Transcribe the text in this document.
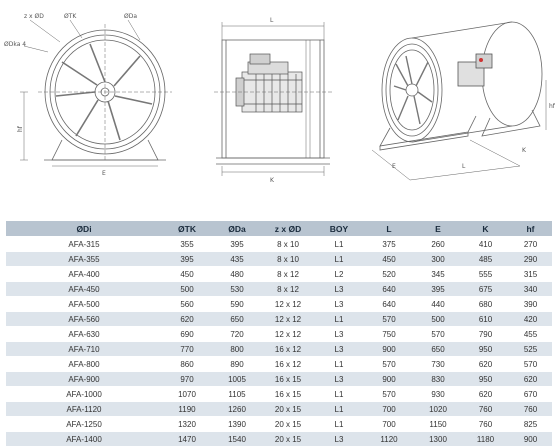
z x ØD	ØTK	ØDa
ØDka 4
hf
E
L
K
L
hf
E
K
ØDi	ØTK	ØDa	z x ØD	BOY	L	E	K	hf
AFA-315	355	395	8 x 10	L1	375	260	410	270
AFA-355	395	435	8 x 10	L1	450	300	485	290
AFA-400	450	480	8 x 12	L2	520	345	555	315
AFA-450	500	530	8 x 12	L3	640	395	675	340
AFA-500	560	590	12 x 12	L3	640	440	680	390
AFA-560	620	650	12 x 12	L1	570	500	610	420
AFA-630	690	720	12 x 12	L3	750	570	790	455
AFA-710	770	800	16 x 12	L3	900	650	950	525
AFA-800	860	890	16 x 12	L1	570	730	620	570
AFA-900	970	1005	16 x 15	L3	900	830	950	620
AFA-1000	1070	1105	16 x 15	L1	570	930	620	670
AFA-1120	1190	1260	20 x 15	L1	700	1020	760	760
AFA-1250	1320	1390	20 x 15	L1	700	1150	760	825
AFA-1400	1470	1540	20 x 15	L3	1120	1300	1180	900
